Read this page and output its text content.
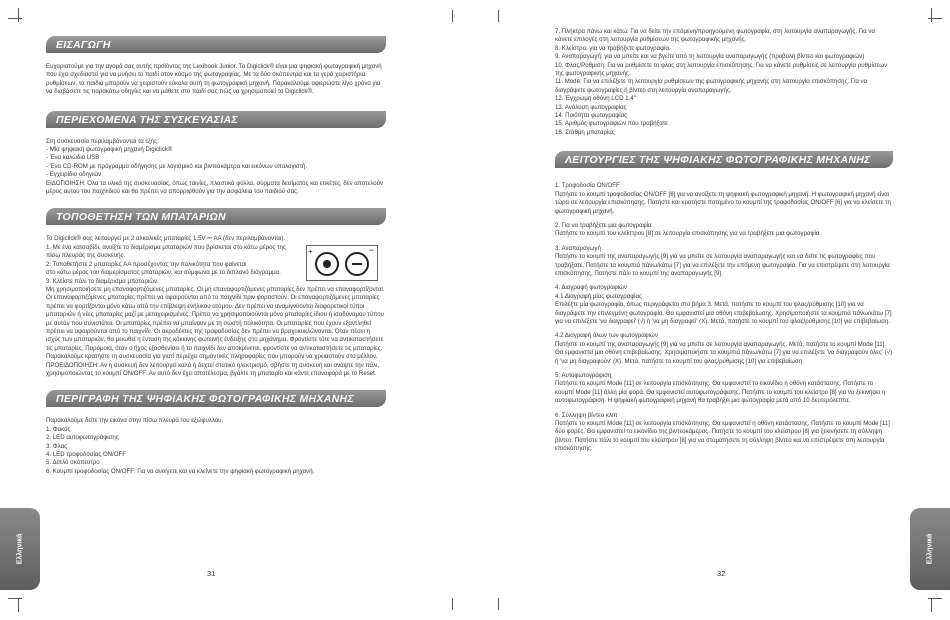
ΕΙΣΑΓΩΓΗ

Ευχαριστούμε για την αγορά σας αυτής προϊόντος της Lexibook Junior. Το Digiclick® είναι μια ψηφιακή φωτογραφική μηχανή που έχει σχεδιαστεί για να μυήσει το παιδί στον κόσμο της φωτογραφίας. Με τα δύο σκόπευτρα και τα γερά χειριστήρια ρυθμίσεων, τα παιδιά μπορούν να χειριστούν εύκολα αυτή τη φωτογραφική μηχανή. Παρακαλούμε αφιερώστε λίγο χρόνο για να διαβάσετε τις παρακάτω οδηγίες και να μάθετε στο παιδί σας πώς να χρησιμοποιεί το Digiclick®.

ΠΕΡΙΕΧΟΜΕΝΑ ΤΗΣ ΣΥΣΚΕΥΑΣΙΑΣ

Στη συσκευασία περιλαμβάνονται τα εξής:

- Μία ψηφιακή φωτογραφική μηχανή Digiclick®

- Ένα καλώδιο USB

- Ένα CD-ROM με πρόγραμμα οδήγησης με λογισμικό και βιντεοκάμερα και εικόνων υπολογιστή.

- Εγχειρίδιο οδηγιών

ΕΙΔΟΠΟΙΗΣΗ: Όλα τα υλικά της συσκευασίας, όπως ταινίες, πλαστικά φύλλα, σύρματα δεσίματος και ετικέτες, δεν αποτελούν μέρος αυτού του παιχνιδιού και θα πρέπει να απορριφθούν για την ασφάλεια του παιδιού σας.

ΤΟΠΟΘΕΤΗΣΗ ΤΩΝ ΜΠΑΤΑΡΙΩΝ

Το Digiclick® σας λειτουργεί με 2 αλκαλικές μπαταρίες 1.5V ⎓ AA (δεν περιλαμβάνονται).

1. Με ένα κατσαβίδι, ανοίξτε το διαμέρισμα μπαταριών που βρίσκεται στο κάτω μέρος της

πίσω πλευράς της συσκευής.

2. Τοποθετήστε 2 μπαταρίες AA προσέχοντας την πολικότητα που φαίνεται

στο κάτω μέρος του διαμερίσματος μπαταριών, και σύμφωνα με το διπλανό διάγραμμα.

3. Κλείστε πάλι το διαμέρισμα μπαταριών.

+	−

Μη χρησιμοποιήσετε μη επαναφορτιζόμενες μπαταρίες. Οι μη επαναφορτιζόμενες μπαταρίες δεν πρέπει να επαναφορτίζονται. Οι επαναφορτιζόμενες μπαταρίες πρέπει να αφαιρούνται από το παιχνίδι πριν φορτιστούν. Οι επαναφορτιζόμενες μπαταρίες πρέπει να φορτίζονται μόνο κάτω από την επίβλεψη ενήλικου ατόμου. Δεν πρέπει να αναμιγνύονται διαφορετικοί τύποι μπαταριών ή νέες μπαταρίες μαζί με μεταχειρισμένες. Πρέπει να χρησιμοποιούνται μόνο μπαταρίες ίδιου ή ισοδύναμου τύπου με αυτόν που συνιστάται. Οι μπαταρίες πρέπει να μπαίνουν με τη σωστή πολικότητα. Οι μπαταρίες που έχουν εξαντληθεί πρέπει να αφαιρούνται από το παιχνίδι. Οι ακροδέκτες της τροφοδοσίας δεν πρέπει να βραχυκυκλώνονται. Όταν πέσει η ισχύς των μπαταριών, θα μειωθεί η ένταση της κόκκινης φωτεινής ένδειξης στο μηχάνημα. Φροντίστε τότε να αντικαταστήσετε τις μπαταρίες. Παρόμοια, όταν ο ήχος εξασθενίσει ή το παιχνίδι δεν αποκρίνεται, φροντίστε να αντικαταστήσετε τις μπαταρίες. Παρακαλούμε κρατήστε τη συσκευασία για γιατί περιέχει σημαντικές πληροφορίες που μπορούν να χρειαστούν στο μέλλον.

ΠΡΟΕΙΔΟΠΟΙΗΣΗ: Αν η συσκευή δεν λειτουργεί καλά ή δεχτεί στατικό ηλεκτρισμό, σβήστε τη συσκευή και ανάψτε την πάλι, χρησιμοποιώντας το κουμπί ON/OFF. Αν αυτό δεν έχει αποτέλεσμα, βγάλτε τη μπαταρία και κάντε επαναφορά με το Reset.

ΠΕΡΙΓΡΑΦΗ ΤΗΣ ΨΗΦΙΑΚΗΣ ΦΩΤΟΓΡΑΦΙΚΗΣ ΜΗΧΑΝΗΣ

Παρακαλούμε δείτε την εικόνα στην πίσω πλευρά του εξώφυλλου.

1. Φακός

2. LED αυτοφωτογράφισης

3. Φλας

4. LED τροφοδοσίας ON/OFF

5. Διπλό σκόπευτρο

6. Κουμπί τροφοδοσίας ON/OFF: Για να ανοίγετε και να κλείνετε την ψηφιακή φωτογραφική μηχανή.

31
Ελληνικά

7. Πλήκτρα πάνω και κάτω: Για να δείτε την επόμενη/προηγούμενη φωτογραφία, στη λειτουργία αναπαραγωγής. Για να κάνετε επιλογές στη λειτουργία ρυθμίσεων της φωτογραφικής μηχανής.

8. Κλείστρο: για να τραβήξετε φωτογραφία.

9. Αναπαραγωγή: για να μπείτε και να βγείτε από τη λειτουργία αναπαραγωγής (προβολή βίντεο και φωτογραφιών)

10. Φλας/Ρύθμιση: Για να ρυθμίσετε το φλας στη λειτουργία επισκόπησης. Για να κάνετε ρυθμίσεις σε λειτουργία ρυθμίσεων της φωτογραφικής μηχανής.

11. Mode: Για να επιλέξετε τη λειτουργία ρυθμίσεων της φωτογραφικής μηχανής στη λειτουργία επισκόπησης. Για να διαγράψετε φωτογραφίες ή βίντεο στη λειτουργία αναπαραγωγής.

12. Έγχρωμη οθόνη LCD 1.4"

13. Ανάλυση φωτογραφίας

14. Ποιότητα φωτογραφίας

15. Αριθμός φωτογραφιών που τραβήξατε

16. Στάθμη μπαταρίας

ΛΕΙΤΟΥΡΓΙΕΣ ΤΗΣ ΨΗΦΙΑΚΗΣ ΦΩΤΟΓΡΑΦΙΚΗΣ ΜΗΧΑΝΗΣ

1. Τροφοδοσία ON/OFF

Πατήστε το κουμπί τροφοδοσίας ON/OFF [6] για να ανοίξετε τη ψηφιακή φωτογραφική μηχανή. Η φωτογραφική μηχανή είναι τώρα σε λειτουργία επισκόπησης. Πατήστε και κρατήστε πατημένο το κουμπί της τροφοδοσίας ON/OFF [6] για να κλείσετε τη φωτογραφική μηχανή.

2. Για να τραβήξετε μια φωτογραφία

Πατήστε το κουμπί του κλείστρου [8] σε λειτουργία επισκόπησης για να τραβήξετε μια φωτογραφία.

3. Αναπαραγωγή

Πατήστε το κουμπί της αναπαραγωγής [9] για να μπείτε σε λειτουργία αναπαραγωγής και να δείτε τις φωτογραφίες που τραβήξατε. Πατήστε τα κουμπιά πάνω/κάτω [7] για να επιλέξετε την επόμενη φωτογραφία. Για να επιστρέψετε στη λειτουργία επισκόπησης, Πατήστε πάλι το κουμπί της αναπαραγωγής [9].

4. Διαγραφή φωτογραφιών

4.1 Διαγραφή μίας φωτογραφίας

Επιλέξτε μία φωτογραφία, όπως περιγράφεται στο βήμα 3. Μετά, πατήστε το κουμπί του φλας/ρύθμισης [10] για να διαγράψετε την επιλεγμένη φωτογραφία. Θα εμφανιστεί μια οθόνη επιβεβαίωσης. Χρησιμοποιήστε τα κουμπιά πάνω/κάτω [7] για να επιλέξετε 'να διαγραφεί' (√) ή 'να μη διαγραφεί' (X). Μετά, πατήστε το κουμπί του φλας/ρύθμισης [10] για επιβεβαίωση.

4.2 Διαγραφή όλων των φωτογραφιών

Πατήστε το κουμπί της αναπαραγωγής [9] για να μπείτε σε λειτουργία αναπαραγωγής. Μετά, πατήστε το κουμπί Mode [11]. Θα εμφανιστεί μια οθόνη επιβεβαίωσης. Χρησιμοποιήστε τα κουμπιά πάνω/κάτω [7] για να επιλέξετε 'να διαγραφούν όλες' (√) ή 'να μη διαγραφούν' (X). Μετά, πατήστε το κουμπί του φλας/ρύθμισης [10] για επιβεβαίωση.

5. Αυτοφωτογράφιση

Πατήστε το κουμπί Mode [11] σε λειτουργία επισκόπησης. Θα εμφανιστεί το εικονίδιο η οθόνη κατάστασης. Πατήστε το κουμπί Mode [11] άλλη μία φορά. Θα εμφανιστεί αυτοφωτογράφισης. Πατήστε το κουμπί του κλείστρο [8] για να ξεκινήσει η αυτοφωτογράφιση. Η ψηφιακή φωτογραφική μηχανή θα τραβήξει μια φωτογραφία μετά από 10 δευτερόλεπτα.

6. Σύλληψη βίντεο κλιπ

Πατήστε το κουμπί Mode [11] σε λειτουργία επισκόπησης. Θα εμφανιστεί η οθόνη κατάστασης. Πατήστε το κουμπί Mode [11] δύο φορές. Θα εμφανιστεί το εικονίδιο της βιντεοκάμερας. Πατήστε το κουμπί του κλείστρου [8] για ξεκινήσετε τη σύλληψη βίντεο. Πατήστε πάλι το κουμπί του κλείστρου [8] για να σταματήσετε τη σύλληψη βίντεο και να επιστρέψετε στη λειτουργία επισκόπησης.

32
Ελληνικά
